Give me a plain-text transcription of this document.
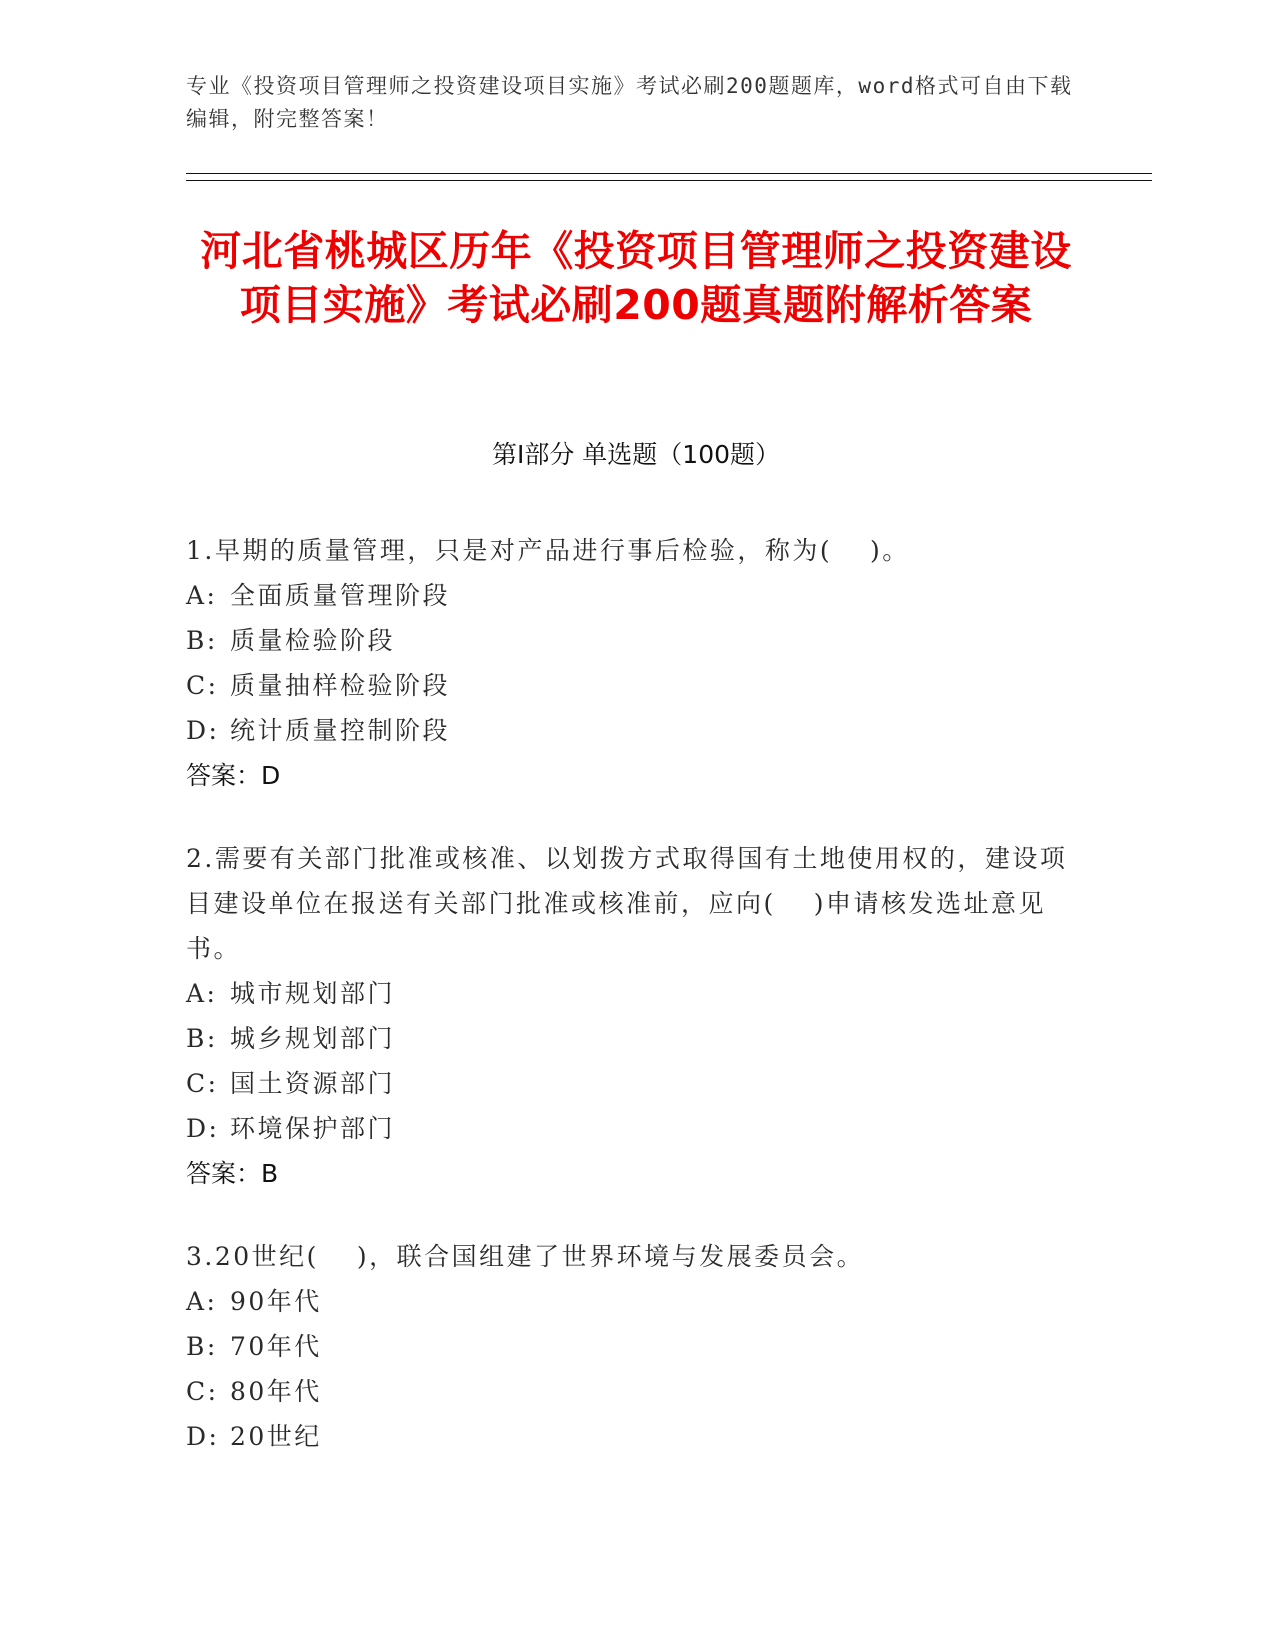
专业《投资项目管理师之投资建设项目实施》考试必刷200题题库，word格式可自由下载编辑，附完整答案！
河北省桃城区历年《投资项目管理师之投资建设项目实施》考试必刷200题真题附解析答案
第I部分 单选题（100题）
1.早期的质量管理，只是对产品进行事后检验，称为(　 )。
A: 全面质量管理阶段
B: 质量检验阶段
C: 质量抽样检验阶段
D: 统计质量控制阶段
答案：D
2.需要有关部门批准或核准、以划拨方式取得国有土地使用权的，建设项目建设单位在报送有关部门批准或核准前，应向(　 )申请核发选址意见书。
A: 城市规划部门
B: 城乡规划部门
C: 国土资源部门
D: 环境保护部门
答案：B
3.20世纪(　 )，联合国组建了世界环境与发展委员会。
A: 90年代
B: 70年代
C: 80年代
D: 20世纪
